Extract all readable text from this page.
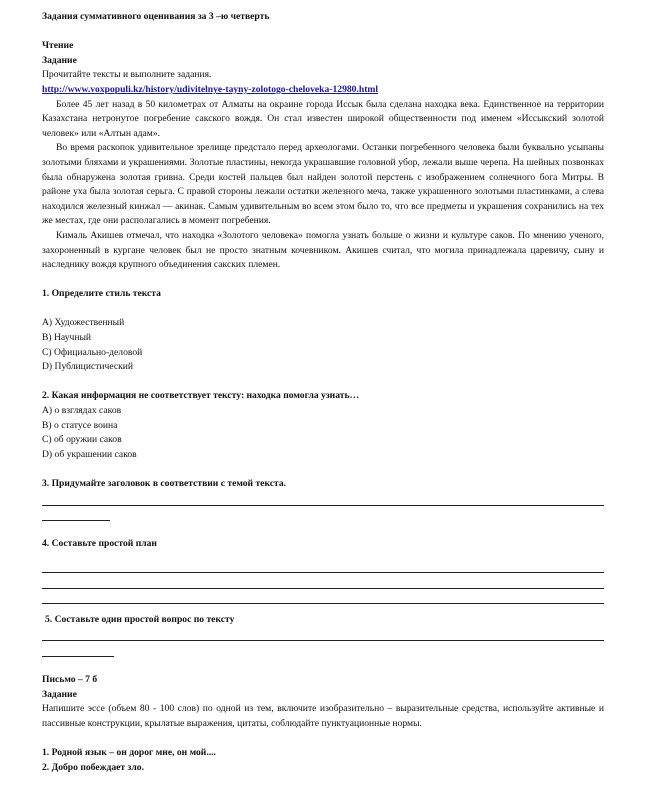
Задания суммативного оценивания за 3 –ю четверть
Чтение
Задание
Прочитайте тексты и выполните задания.
http://www.voxpopuli.kz/history/udivitelnye-tayny-zolotogo-cheloveka-12980.html
Более 45 лет назад в 50 километрах от Алматы на окраине города Иссык была сделана находка века. Единственное на территории Казахстана нетронутое погребение сакского вождя. Он стал известен широкой общественности под именем «Иссыкский золотой человек» или «Алтын адам».
Во время раскопок удивительное зрелище предстало перед археологами. Останки погребенного человека были буквально усыпаны золотыми бляхами и украшениями. Золотые пластины, некогда украшавшие головной убор, лежали выше черепа. На шейных позвонках была обнаружена золотая гривна. Среди костей пальцев был найден золотой перстень с изображением солнечного бога Митры. В районе уха была золотая серьга. С правой стороны лежали остатки железного меча, также украшенного золотыми пластинками, а слева находился железный кинжал — акинак. Самым удивительным во всем этом было то, что все предметы и украшения сохранились на тех же местах, где они располагались в момент погребения.
Кималь Акишев отмечал, что находка «Золотого человека» помогла узнать больше о жизни и культуре саков. По мнению ученого, захороненный в кургане человек был не просто знатным кочевником. Акишев считал, что могила принадлежала царевичу, сыну и наследнику вождя крупного объединения сакских племен.
1. Определите стиль текста
А) Художественный
В) Научный
С) Официально-деловой
D) Публицистический
2. Какая информация не соответствует тексту: находка помогла узнать…
А) о взглядах саков
В) о статусе воина
С) об оружии саков
D) об украшении саков
3. Придумайте заголовок в соответствии с темой текста.
4. Составьте простой план
5. Составьте один простой вопрос по тексту
Письмо – 7 б
Задание
Напишите эссе (объем 80 - 100 слов) по одной из тем, включите изобразительно – выразительные средства, используйте активные и пассивные конструкции, крылатые выражения, цитаты, соблюдайте пунктуационные нормы.
1. Родной язык – он дорог мне, он мой....
2. Добро побеждает зло.
